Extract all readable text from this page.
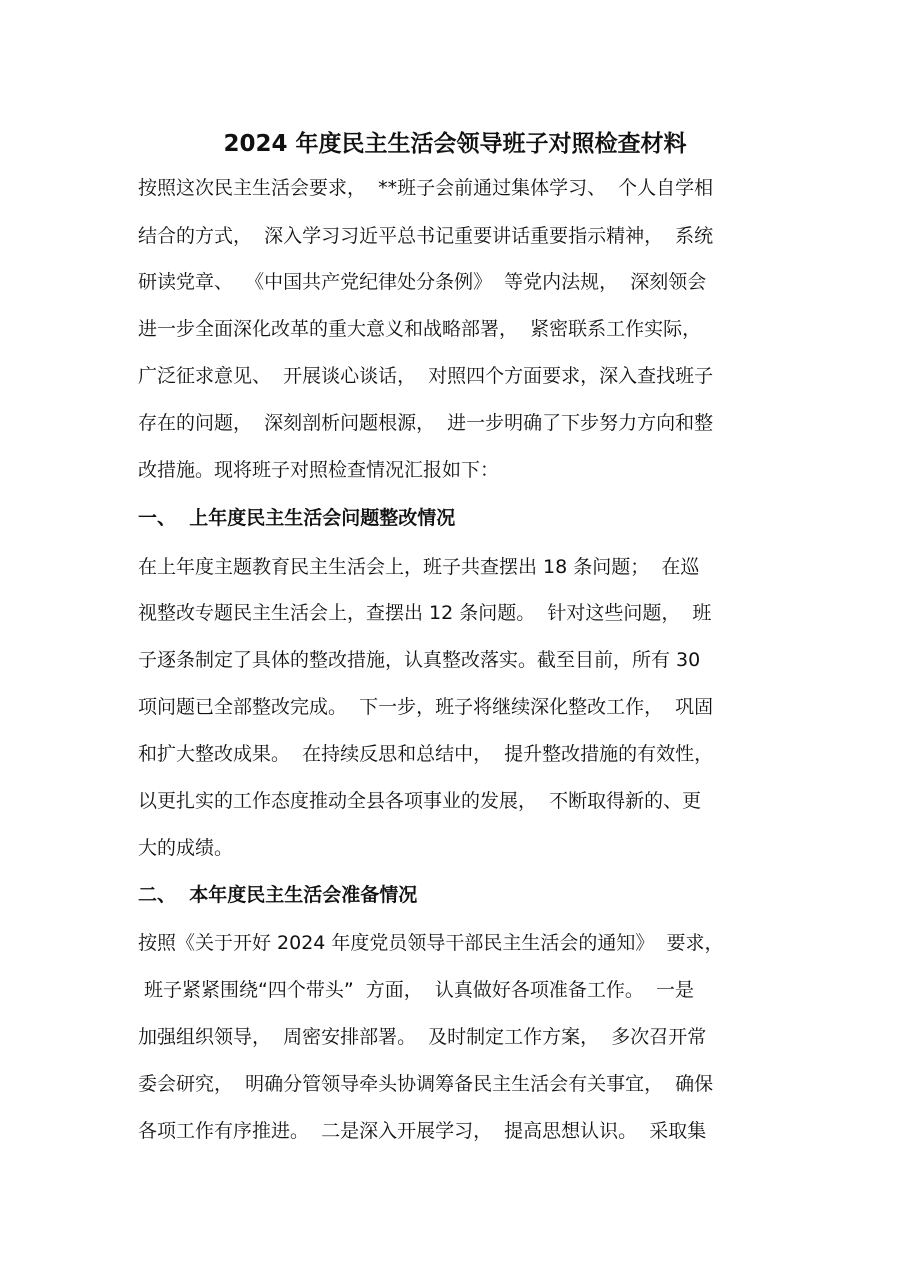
2024 年度民主生活会领导班子对照检查材料
按照这次民主生活会要求，  **班子会前通过集体学习、  个人自学相
结合的方式，  深入学习习近平总书记重要讲话重要指示精神，  系统
研读党章、  《中国共产党纪律处分条例》  等党内法规，  深刻领会
进一步全面深化改革的重大意义和战略部署，  紧密联系工作实际，
广泛征求意见、  开展谈心谈话，  对照四个方面要求，深入查找班子
存在的问题，  深刻剖析问题根源，  进一步明确了下步努力方向和整
改措施。现将班子对照检查情况汇报如下：
一、  上年度民主生活会问题整改情况
在上年度主题教育民主生活会上，班子共查摆出 18 条问题；  在巡
视整改专题民主生活会上，查摆出 12 条问题。  针对这些问题，  班
子逐条制定了具体的整改措施，认真整改落实。截至目前，所有 30
项问题已全部整改完成。  下一步，班子将继续深化整改工作，  巩固
和扩大整改成果。  在持续反思和总结中，  提升整改措施的有效性，
以更扎实的工作态度推动全县各项事业的发展，  不断取得新的、更
大的成绩。
二、  本年度民主生活会准备情况
按照《关于开好 2024 年度党员领导干部民主生活会的通知》  要求，
班子紧紧围绕“四个带头”  方面，  认真做好各项准备工作。  一是
加强组织领导，  周密安排部署。  及时制定工作方案，  多次召开常
委会研究，  明确分管领导牵头协调筹备民主生活会有关事宜，  确保
各项工作有序推进。  二是深入开展学习，  提高思想认识。  采取集
